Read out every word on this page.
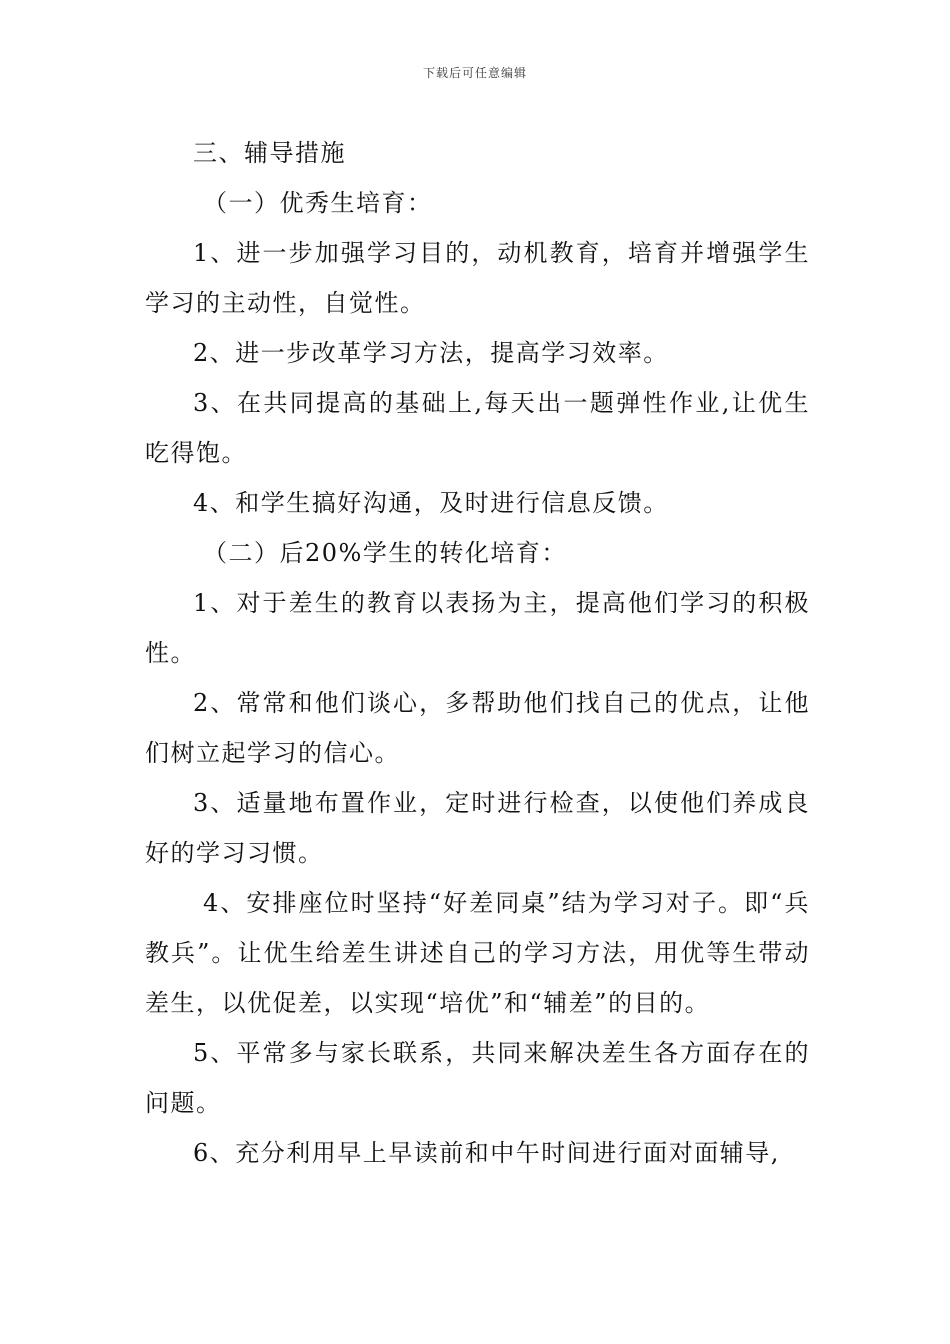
下载后可任意编辑

三、辅导措施

（一）优秀生培育：

1、进一步加强学习目的，动机教育，培育并增强学生学习的主动性，自觉性。

2、进一步改革学习方法，提高学习效率。

3、在共同提高的基础上,每天出一题弹性作业,让优生吃得饱。

4、和学生搞好沟通，及时进行信息反馈。

（二）后20%学生的转化培育：

1、对于差生的教育以表扬为主，提高他们学习的积极性。

2、常常和他们谈心，多帮助他们找自己的优点，让他们树立起学习的信心。

3、适量地布置作业，定时进行检查，以使他们养成良好的学习习惯。

4、安排座位时坚持“好差同桌”结为学习对子。即“兵教兵”。让优生给差生讲述自己的学习方法，用优等生带动差生，以优促差，以实现“培优”和“辅差”的目的。

5、平常多与家长联系，共同来解决差生各方面存在的问题。

6、充分利用早上早读前和中午时间进行面对面辅导,
